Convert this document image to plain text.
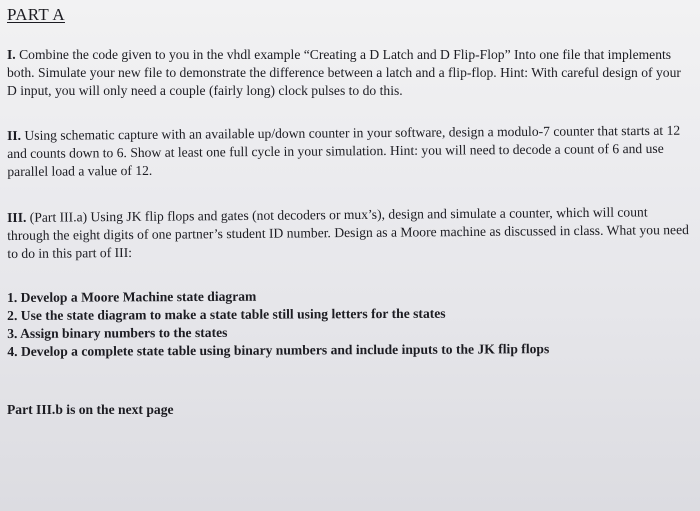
PART A

I. Combine the code given to you in the vhdl example “Creating a D Latch and D Flip-Flop” Into one file that implements both. Simulate your new file to demonstrate the difference between a latch and a flip-flop. Hint: With careful design of your D input, you will only need a couple (fairly long) clock pulses to do this.

II. Using schematic capture with an available up/down counter in your software, design a modulo-7 counter that starts at 12 and counts down to 6. Show at least one full cycle in your simulation. Hint: you will need to decode a count of 6 and use parallel load a value of 12.

III. (Part III.a) Using JK flip flops and gates (not decoders or mux’s), design and simulate a counter, which will count through the eight digits of one partner’s student ID number. Design as a Moore machine as discussed in class. What you need to do in this part of III:

1. Develop a Moore Machine state diagram
2. Use the state diagram to make a state table still using letters for the states
3. Assign binary numbers to the states
4. Develop a complete state table using binary numbers and include inputs to the JK flip flops

Part III.b is on the next page
